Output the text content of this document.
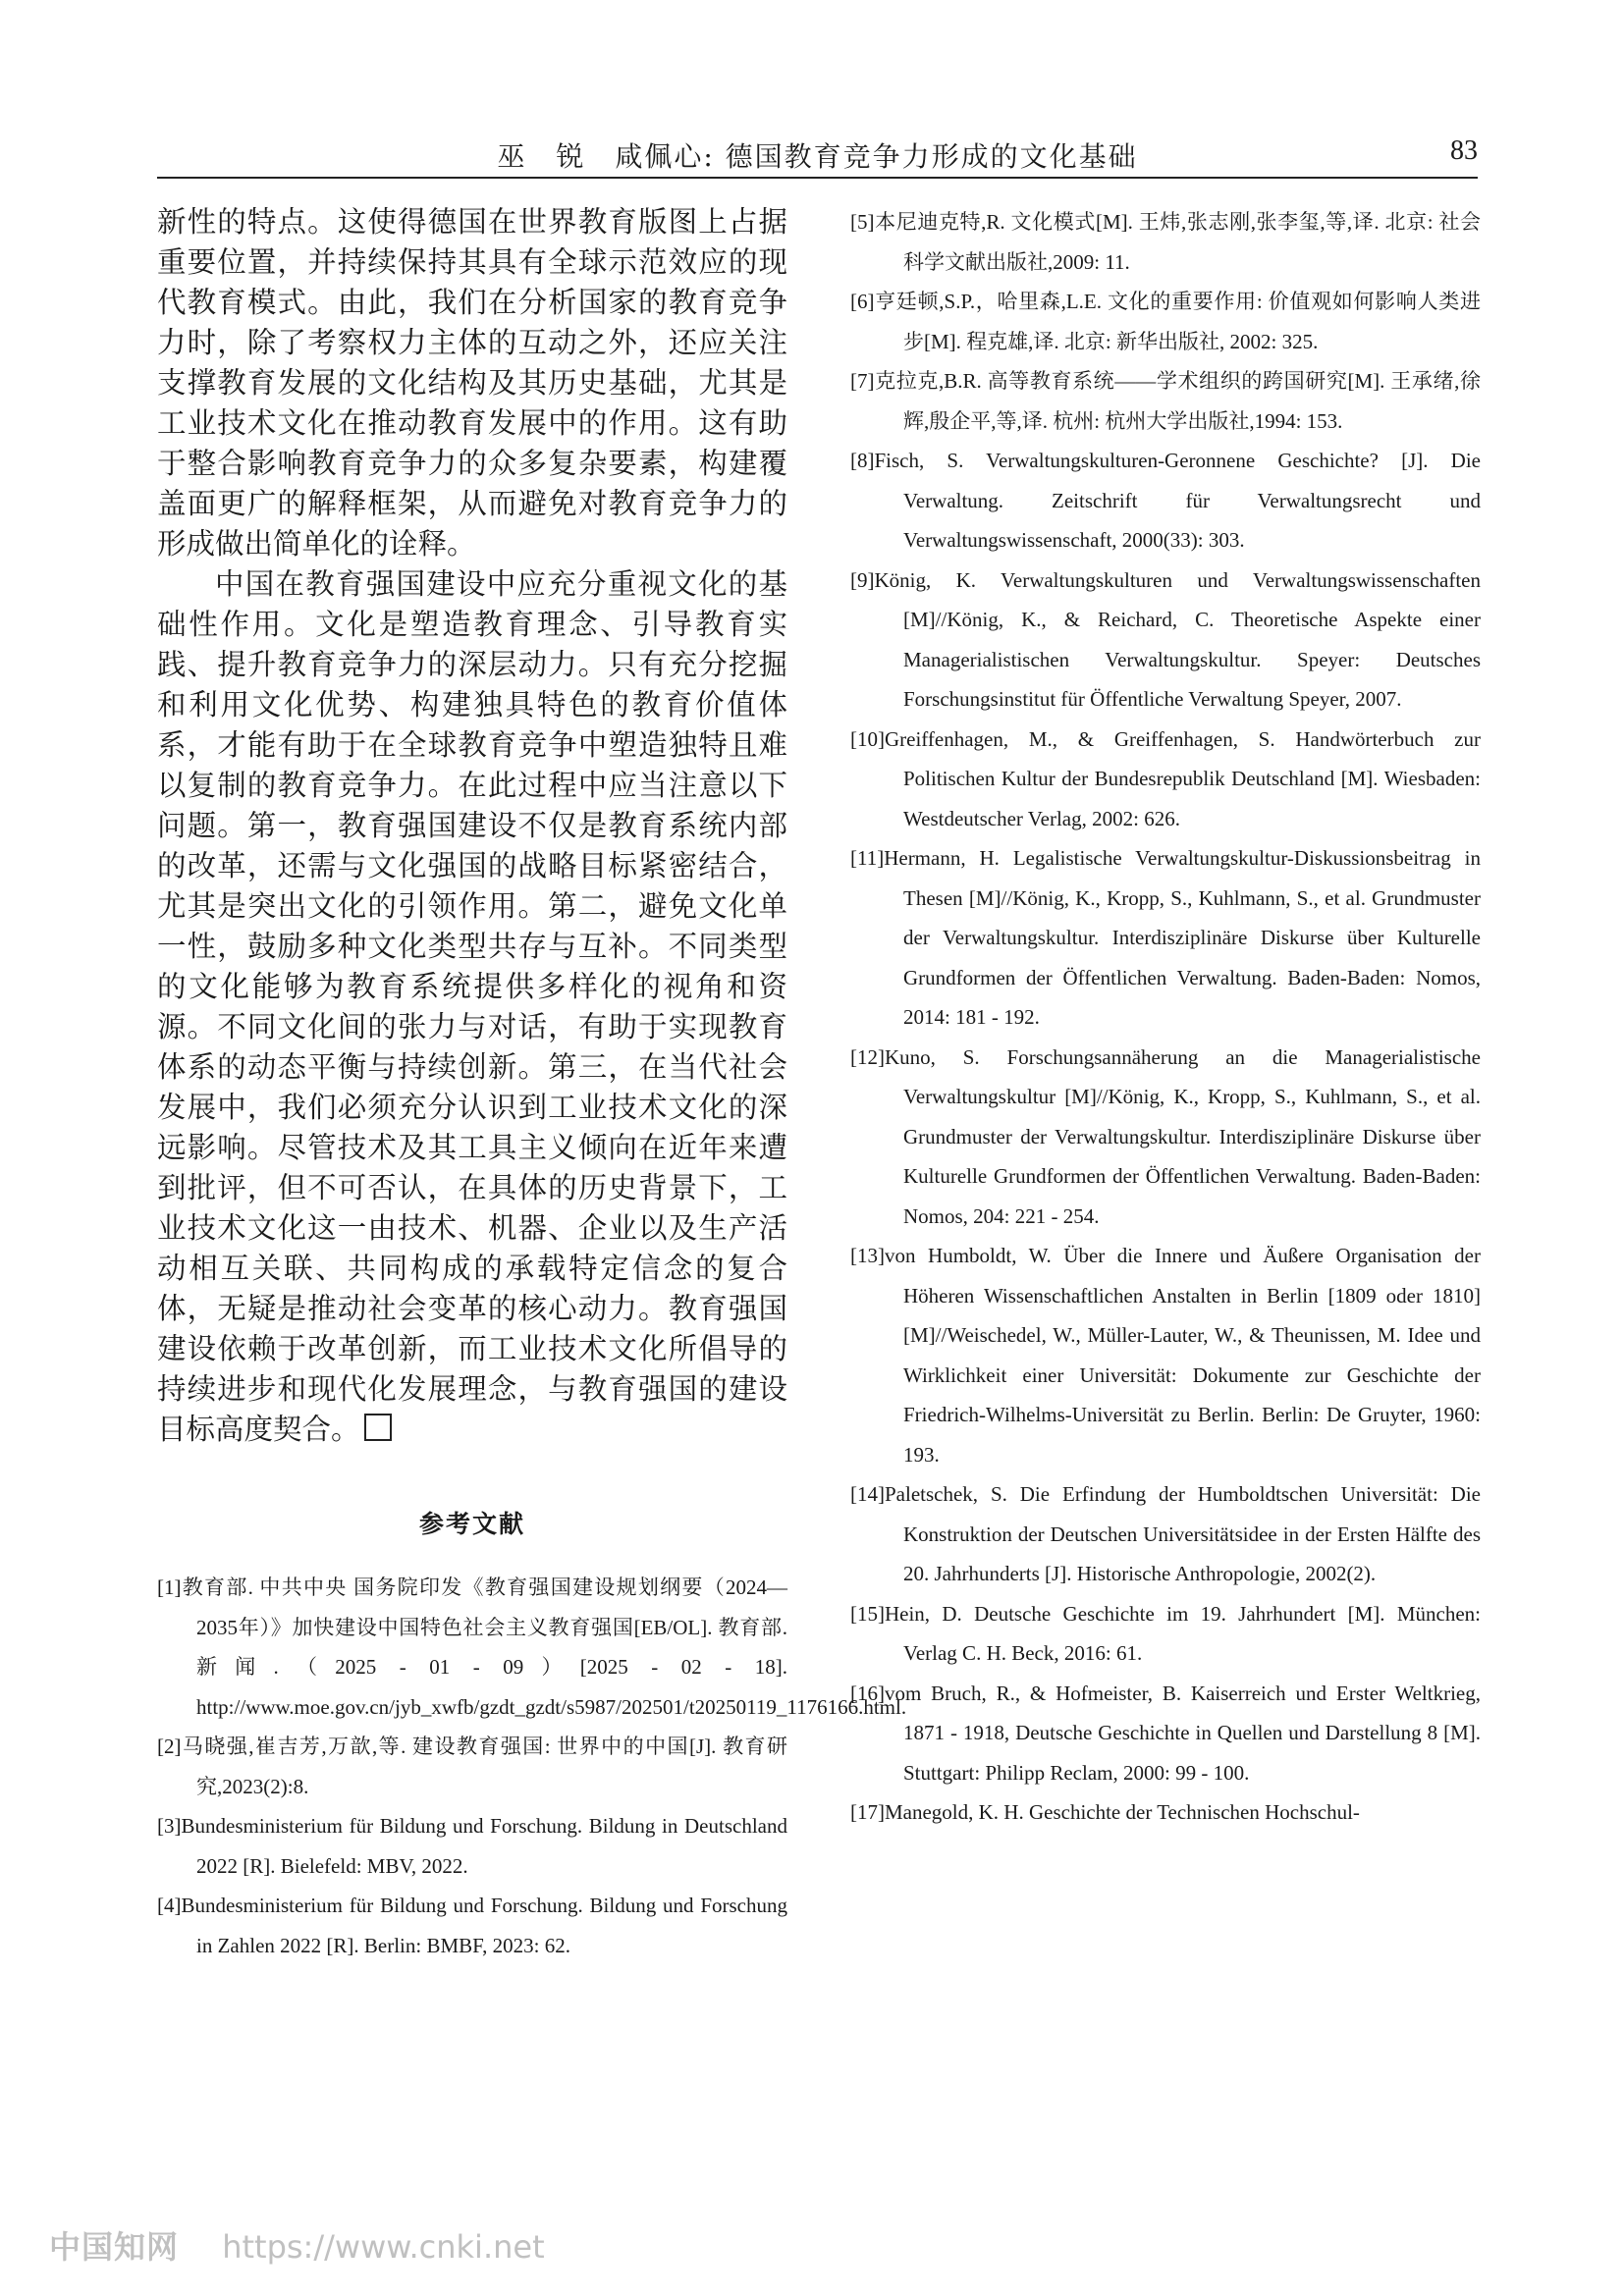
巫　锐　咸佩心: 德国教育竞争力形成的文化基础	83

新性的特点。这使得德国在世界教育版图上占据重要位置，并持续保持其具有全球示范效应的现代教育模式。由此，我们在分析国家的教育竞争力时，除了考察权力主体的互动之外，还应关注支撑教育发展的文化结构及其历史基础，尤其是工业技术文化在推动教育发展中的作用。这有助于整合影响教育竞争力的众多复杂要素，构建覆盖面更广的解释框架，从而避免对教育竞争力的形成做出简单化的诠释。

中国在教育强国建设中应充分重视文化的基础性作用。文化是塑造教育理念、引导教育实践、提升教育竞争力的深层动力。只有充分挖掘和利用文化优势、构建独具特色的教育价值体系，才能有助于在全球教育竞争中塑造独特且难以复制的教育竞争力。在此过程中应当注意以下问题。第一，教育强国建设不仅是教育系统内部的改革，还需与文化强国的战略目标紧密结合，尤其是突出文化的引领作用。第二，避免文化单一性，鼓励多种文化类型共存与互补。不同类型的文化能够为教育系统提供多样化的视角和资源。不同文化间的张力与对话，有助于实现教育体系的动态平衡与持续创新。第三，在当代社会发展中，我们必须充分认识到工业技术文化的深远影响。尽管技术及其工具主义倾向在近年来遭到批评，但不可否认，在具体的历史背景下，工业技术文化这一由技术、机器、企业以及生产活动相互关联、共同构成的承载特定信念的复合体，无疑是推动社会变革的核心动力。教育强国建设依赖于改革创新，而工业技术文化所倡导的持续进步和现代化发展理念，与教育强国的建设目标高度契合。

参考文献

[1]教育部. 中共中央 国务院印发《教育强国建设规划纲要（2024—2035年）》加快建设中国特色社会主义教育强国[EB/OL]. 教育部. 新闻.（2025 - 01 - 09）[2025 - 02 - 18]. http://www.moe.gov.cn/jyb_xwfb/gzdt_gzdt/s5987/202501/t20250119_1176166.html.

[2]马晓强,崔吉芳,万歆,等. 建设教育强国: 世界中的中国[J]. 教育研究,2023(2):8.

[3]Bundesministerium für Bildung und Forschung. Bildung in Deutschland 2022 [R]. Bielefeld: MBV, 2022.

[4]Bundesministerium für Bildung und Forschung. Bildung und Forschung in Zahlen 2022 [R]. Berlin: BMBF, 2023: 62.

[5]本尼迪克特,R. 文化模式[M]. 王炜,张志刚,张李玺,等,译. 北京: 社会科学文献出版社,2009: 11.

[6]亨廷顿,S.P.，哈里森,L.E. 文化的重要作用: 价值观如何影响人类进步[M]. 程克雄,译. 北京: 新华出版社, 2002: 325.

[7]克拉克,B.R. 高等教育系统——学术组织的跨国研究[M]. 王承绪,徐辉,殷企平,等,译. 杭州: 杭州大学出版社,1994: 153.

[8]Fisch, S. Verwaltungskulturen-Geronnene Geschichte? [J]. Die Verwaltung. Zeitschrift für Verwaltungsrecht und Verwaltungswissenschaft, 2000(33): 303.

[9]König, K. Verwaltungskulturen und Verwaltungswissenschaften [M]//König, K., & Reichard, C. Theoretische Aspekte einer Managerialistischen Verwaltungskultur. Speyer: Deutsches Forschungsinstitut für Öffentliche Verwaltung Speyer, 2007.

[10]Greiffenhagen, M., & Greiffenhagen, S. Handwörterbuch zur Politischen Kultur der Bundesrepublik Deutschland [M]. Wiesbaden: Westdeutscher Verlag, 2002: 626.

[11]Hermann, H. Legalistische Verwaltungskultur-Diskussionsbeitrag in Thesen [M]//König, K., Kropp, S., Kuhlmann, S., et al. Grundmuster der Verwaltungskultur. Interdisziplinäre Diskurse über Kulturelle Grundformen der Öffentlichen Verwaltung. Baden-Baden: Nomos, 2014: 181 - 192.

[12]Kuno, S. Forschungsannäherung an die Managerialistische Verwaltungskultur [M]//König, K., Kropp, S., Kuhlmann, S., et al. Grundmuster der Verwaltungskultur. Interdisziplinäre Diskurse über Kulturelle Grundformen der Öffentlichen Verwaltung. Baden-Baden: Nomos, 204: 221 - 254.

[13]von Humboldt, W. Über die Innere und Äußere Organisation der Höheren Wissenschaftlichen Anstalten in Berlin [1809 oder 1810] [M]//Weischedel, W., Müller-Lauter, W., & Theunissen, M. Idee und Wirklichkeit einer Universität: Dokumente zur Geschichte der Friedrich-Wilhelms-Universität zu Berlin. Berlin: De Gruyter, 1960: 193.

[14]Paletschek, S. Die Erfindung der Humboldtschen Universität: Die Konstruktion der Deutschen Universitätsidee in der Ersten Hälfte des 20. Jahrhunderts [J]. Historische Anthropologie, 2002(2).

[15]Hein, D. Deutsche Geschichte im 19. Jahrhundert [M]. München: Verlag C. H. Beck, 2016: 61.

[16]vom Bruch, R., & Hofmeister, B. Kaiserreich und Erster Weltkrieg, 1871 - 1918, Deutsche Geschichte in Quellen und Darstellung 8 [M]. Stuttgart: Philipp Reclam, 2000: 99 - 100.

[17]Manegold, K. H. Geschichte der Technischen Hochschul-

中国知网 https://www.cnki.net
